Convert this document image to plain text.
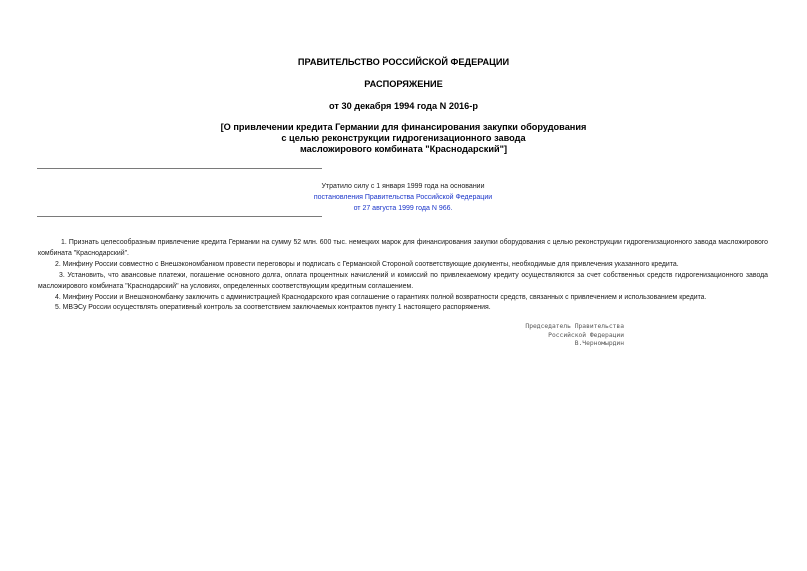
ПРАВИТЕЛЬСТВО РОССИЙСКОЙ ФЕДЕРАЦИИ
РАСПОРЯЖЕНИЕ
от 30 декабря 1994 года N 2016-р
[О привлечении кредита Германии для финансирования закупки оборудования
с целью реконструкции гидрогенизационного завода
масложирового комбината "Краснодарский"]
Утратило силу с 1 января 1999 года на основании
постановления Правительства Российской Федерации
от 27 августа 1999 года N 966.
1. Признать целесообразным привлечение кредита Германии на сумму 52 млн. 600 тыс. немецких марок для финансирования закупки оборудования с целью реконструкции гидрогенизационного завода масложирового комбината "Краснодарский".
2. Минфину России совместно с Внешэкономбанком провести переговоры и подписать с Германской Стороной соответствующие документы, необходимые для привлечения указанного кредита.
3. Установить, что авансовые платежи, погашение основного долга, оплата процентных начислений и комиссий по привлекаемому кредиту осуществляются за счет собственных средств гидрогенизационного завода масложирового комбината "Краснодарский" на условиях, определенных соответствующим кредитным соглашением.
4. Минфину России и Внешэкономбанку заключить с администрацией Краснодарского края соглашение о гарантиях полной возвратности средств, связанных с привлечением и использованием кредита.
5. МВЭСу России осуществлять оперативный контроль за соответствием заключаемых контрактов пункту 1 настоящего распоряжения.
Председатель Правительства
Российской Федерации
В.Черномырдин
